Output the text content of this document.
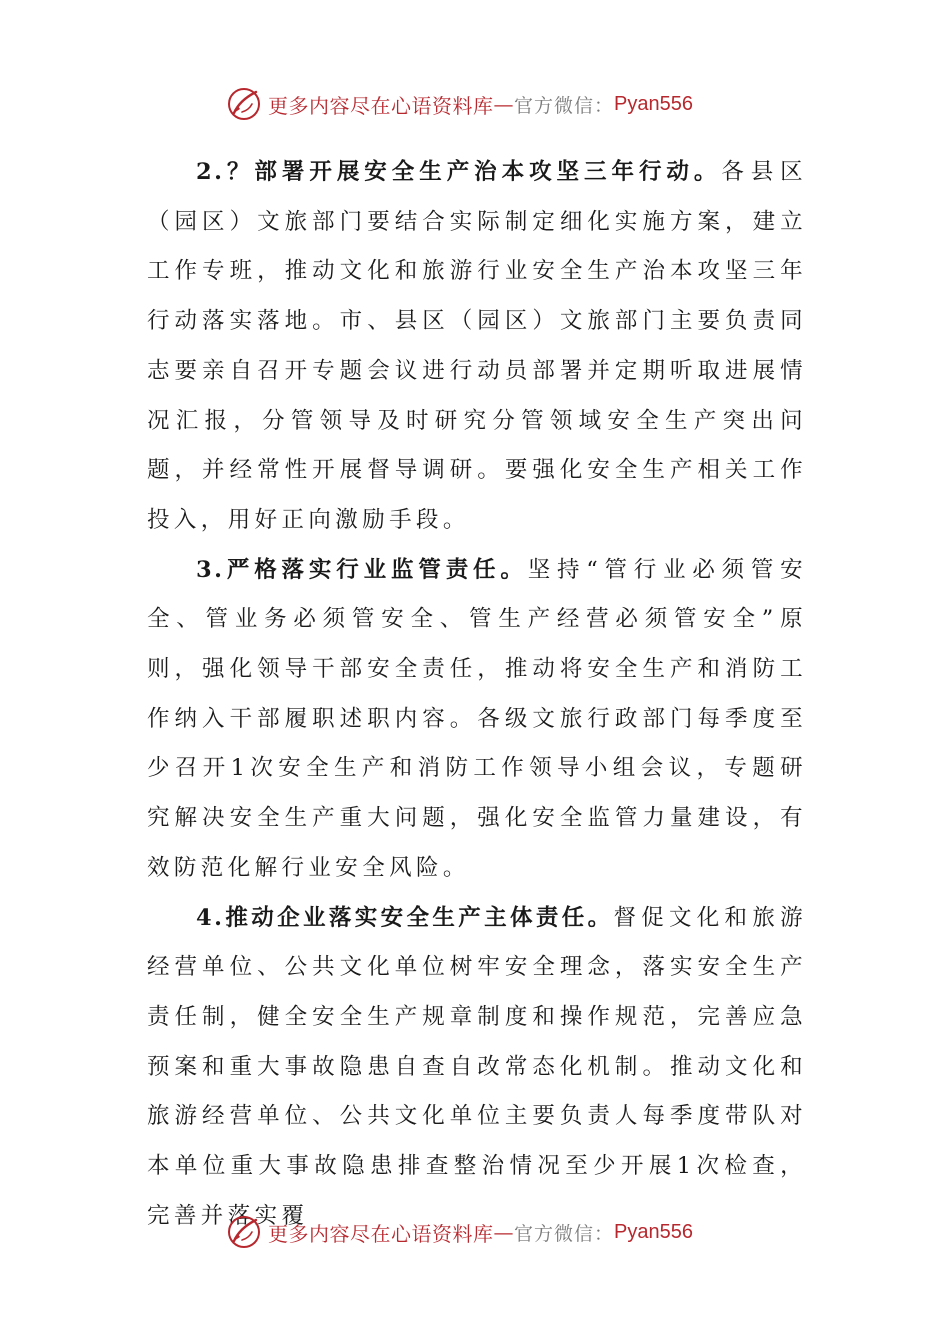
更多内容尽在心语资料库 — 官方微信： Pyan556

2.？部署开展安全生产治本攻坚三年行动。各县区（园区）文旅部门要结合实际制定细化实施方案，建立工作专班，推动文化和旅游行业安全生产治本攻坚三年行动落实落地。市、县区（园区）文旅部门主要负责同志要亲自召开专题会议进行动员部署并定期听取进展情况汇报，分管领导及时研究分管领域安全生产突出问题，并经常性开展督导调研。要强化安全生产相关工作投入，用好正向激励手段。

3.严格落实行业监管责任。坚持“管行业必须管安全、管业务必须管安全、管生产经营必须管安全”原则，强化领导干部安全责任，推动将安全生产和消防工作纳入干部履职述职内容。各级文旅行政部门每季度至少召开1次安全生产和消防工作领导小组会议，专题研究解决安全生产重大问题，强化安全监管力量建设，有效防范化解行业安全风险。

4.推动企业落实安全生产主体责任。督促文化和旅游经营单位、公共文化单位树牢安全理念，落实安全生产责任制，健全安全生产规章制度和操作规范，完善应急预案和重大事故隐患自查自改常态化机制。推动文化和旅游经营单位、公共文化单位主要负责人每季度带队对本单位重大事故隐患排查整治情况至少开展1次检查，完善并落实覆

更多内容尽在心语资料库 — 官方微信： Pyan556
